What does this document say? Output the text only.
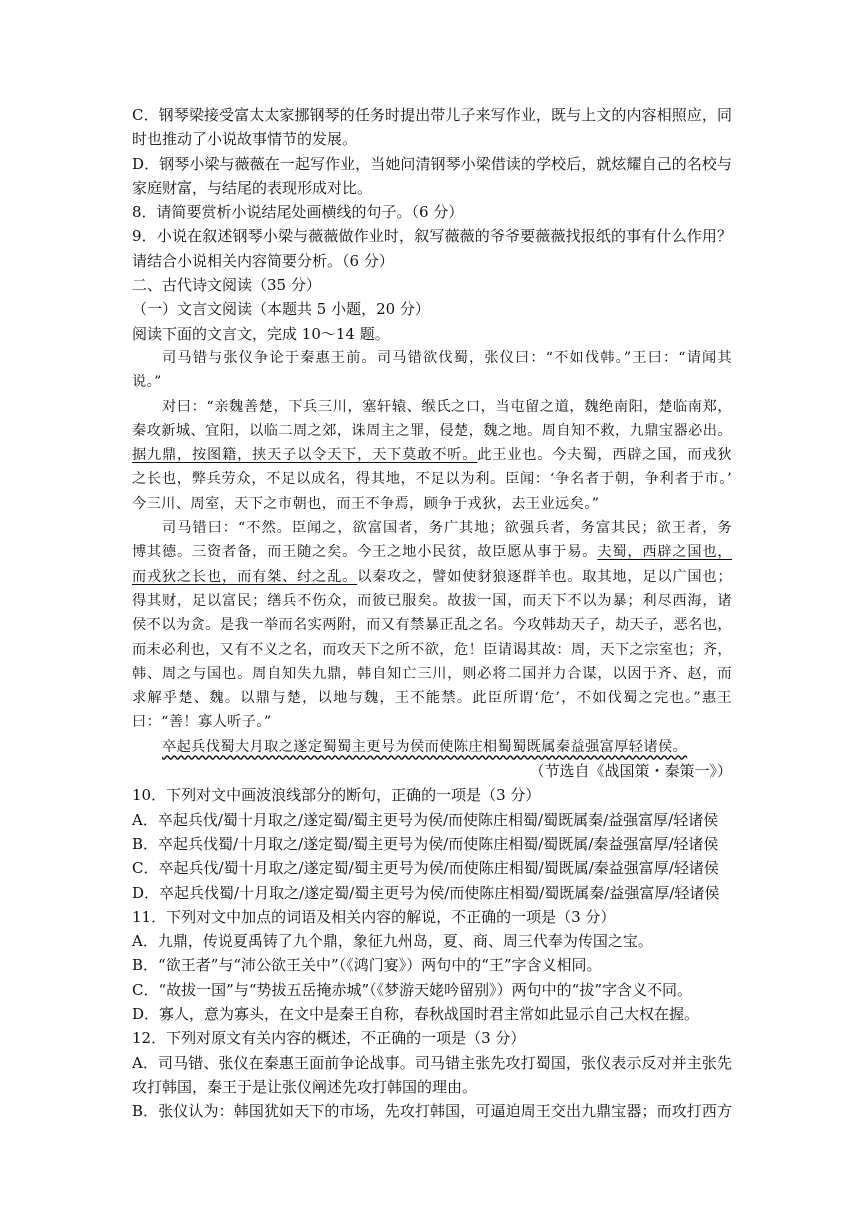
C．钢琴梁接受富太太家挪钢琴的任务时提出带儿子来写作业，既与上文的内容相照应，同
时也推动了小说故事情节的发展。
D．钢琴小梁与薇薇在一起写作业，当她问清钢琴小梁借读的学校后，就炫耀自己的名校与
家庭财富，与结尾的表现形成对比。
8．请简要赏析小说结尾处画横线的句子。（6 分）
9．小说在叙述钢琴小梁与薇薇做作业时，叙写薇薇的爷爷要薇薇找报纸的事有什么作用？
请结合小说相关内容简要分析。（6 分）
二、古代诗文阅读（35 分）
（一）文言文阅读（本题共 5 小题，20 分）
阅读下面的文言文，完成 10～14 题。
司马错与张仪争论于秦惠王前。司马错欲伐蜀，张仪曰：“不如伐韩。”王曰：“请闻其
说。”
对曰：“亲魏善楚，下兵三川，塞轩辕、缑氏之口，当屯留之道，魏绝南阳，楚临南郑，
秦攻新城、宜阳，以临二周之郊，诛周主之罪，侵楚，魏之地。周自知不救，九鼎宝器必出。
据九鼎，按图籍，挟天子以令天下，天下莫敢不听。此王业也。今夫蜀，西辟之国，而戎狄
之长也，弊兵劳众，不足以成名，得其地，不足以为利。臣闻：‘争名者于朝，争利者于市。’
今三川、周室，天下之市朝也，而王不争焉，顾争于戎狄，去王业远矣。”
司马错曰：“不然。臣闻之，欲富国者，务广其地；欲强兵者，务富其民；欲王者，务
博其德。三资者备，而王随之矣。今王之地小民贫，故臣愿从事于易。夫蜀，西辟之国也，
而戎狄之长也，而有桀、纣之乱。以秦攻之，譬如使豺狼逐群羊也。取其地，足以广国也；
得其财，足以富民；缮兵不伤众，而彼已服矣。故拔一国，而天下不以为暴；利尽西海，诸
侯不以为贪。是我一举而名实两附，而又有禁暴正乱之名。今攻韩劫天子，劫天子，恶名也，
而未必利也，又有不义之名，而攻天下之所不欲，危！臣请谒其故：周，天下之宗室也；齐，
韩、周之与国也。周自知失九鼎，韩自知亡三川，则必将二国并力合谋，以因于齐、赵，而
求解乎楚、魏。以鼎与楚，以地与魏，王不能禁。此臣所谓‘危’，不如伐蜀之完也。”惠王
曰：“善！寡人听子。”
卒起兵伐蜀大月取之遂定蜀蜀主更号为侯而使陈庄相蜀蜀既属秦益强富厚轻诸侯。
（节选自《战国策・秦策一》）
10．下列对文中画波浪线部分的断句，正确的一项是（3 分）
A．卒起兵伐/蜀十月取之/遂定蜀/蜀主更号为侯/而使陈庄相蜀/蜀既属秦/益强富厚/轻诸侯
B．卒起兵伐蜀/十月取之/遂定蜀/蜀主更号为侯/而使陈庄相蜀/蜀既属/秦益强富厚/轻诸侯
C．卒起兵伐/蜀十月取之/遂定蜀/蜀主更号为侯/而使陈庄相蜀/蜀既属/秦益强富厚/轻诸侯
D．卒起兵伐蜀/十月取之/遂定蜀/蜀主更号为侯/而使陈庄相蜀/蜀既属秦/益强富厚/轻诸侯
11．下列对文中加点的词语及相关内容的解说，不正确的一项是（3 分）
A．九鼎，传说夏禹铸了九个鼎，象征九州岛，夏、商、周三代奉为传国之宝。
B．“欲王者”与“沛公欲王关中”（《鸿门宴》）两句中的“王”字含义相同。
C．“故拔一国”与“势拔五岳掩赤城”（《梦游天姥吟留别》）两句中的“拔”字含义不同。
D．寡人，意为寡头，在文中是秦王自称，春秋战国时君主常如此显示自己大权在握。
12．下列对原文有关内容的概述，不正确的一项是（3 分）
A．司马错、张仪在秦惠王面前争论战事。司马错主张先攻打蜀国，张仪表示反对并主张先
攻打韩国，秦王于是让张仪阐述先攻打韩国的理由。
B．张仪认为：韩国犹如天下的市场，先攻打韩国，可逼迫周王交出九鼎宝器；而攻打西方
